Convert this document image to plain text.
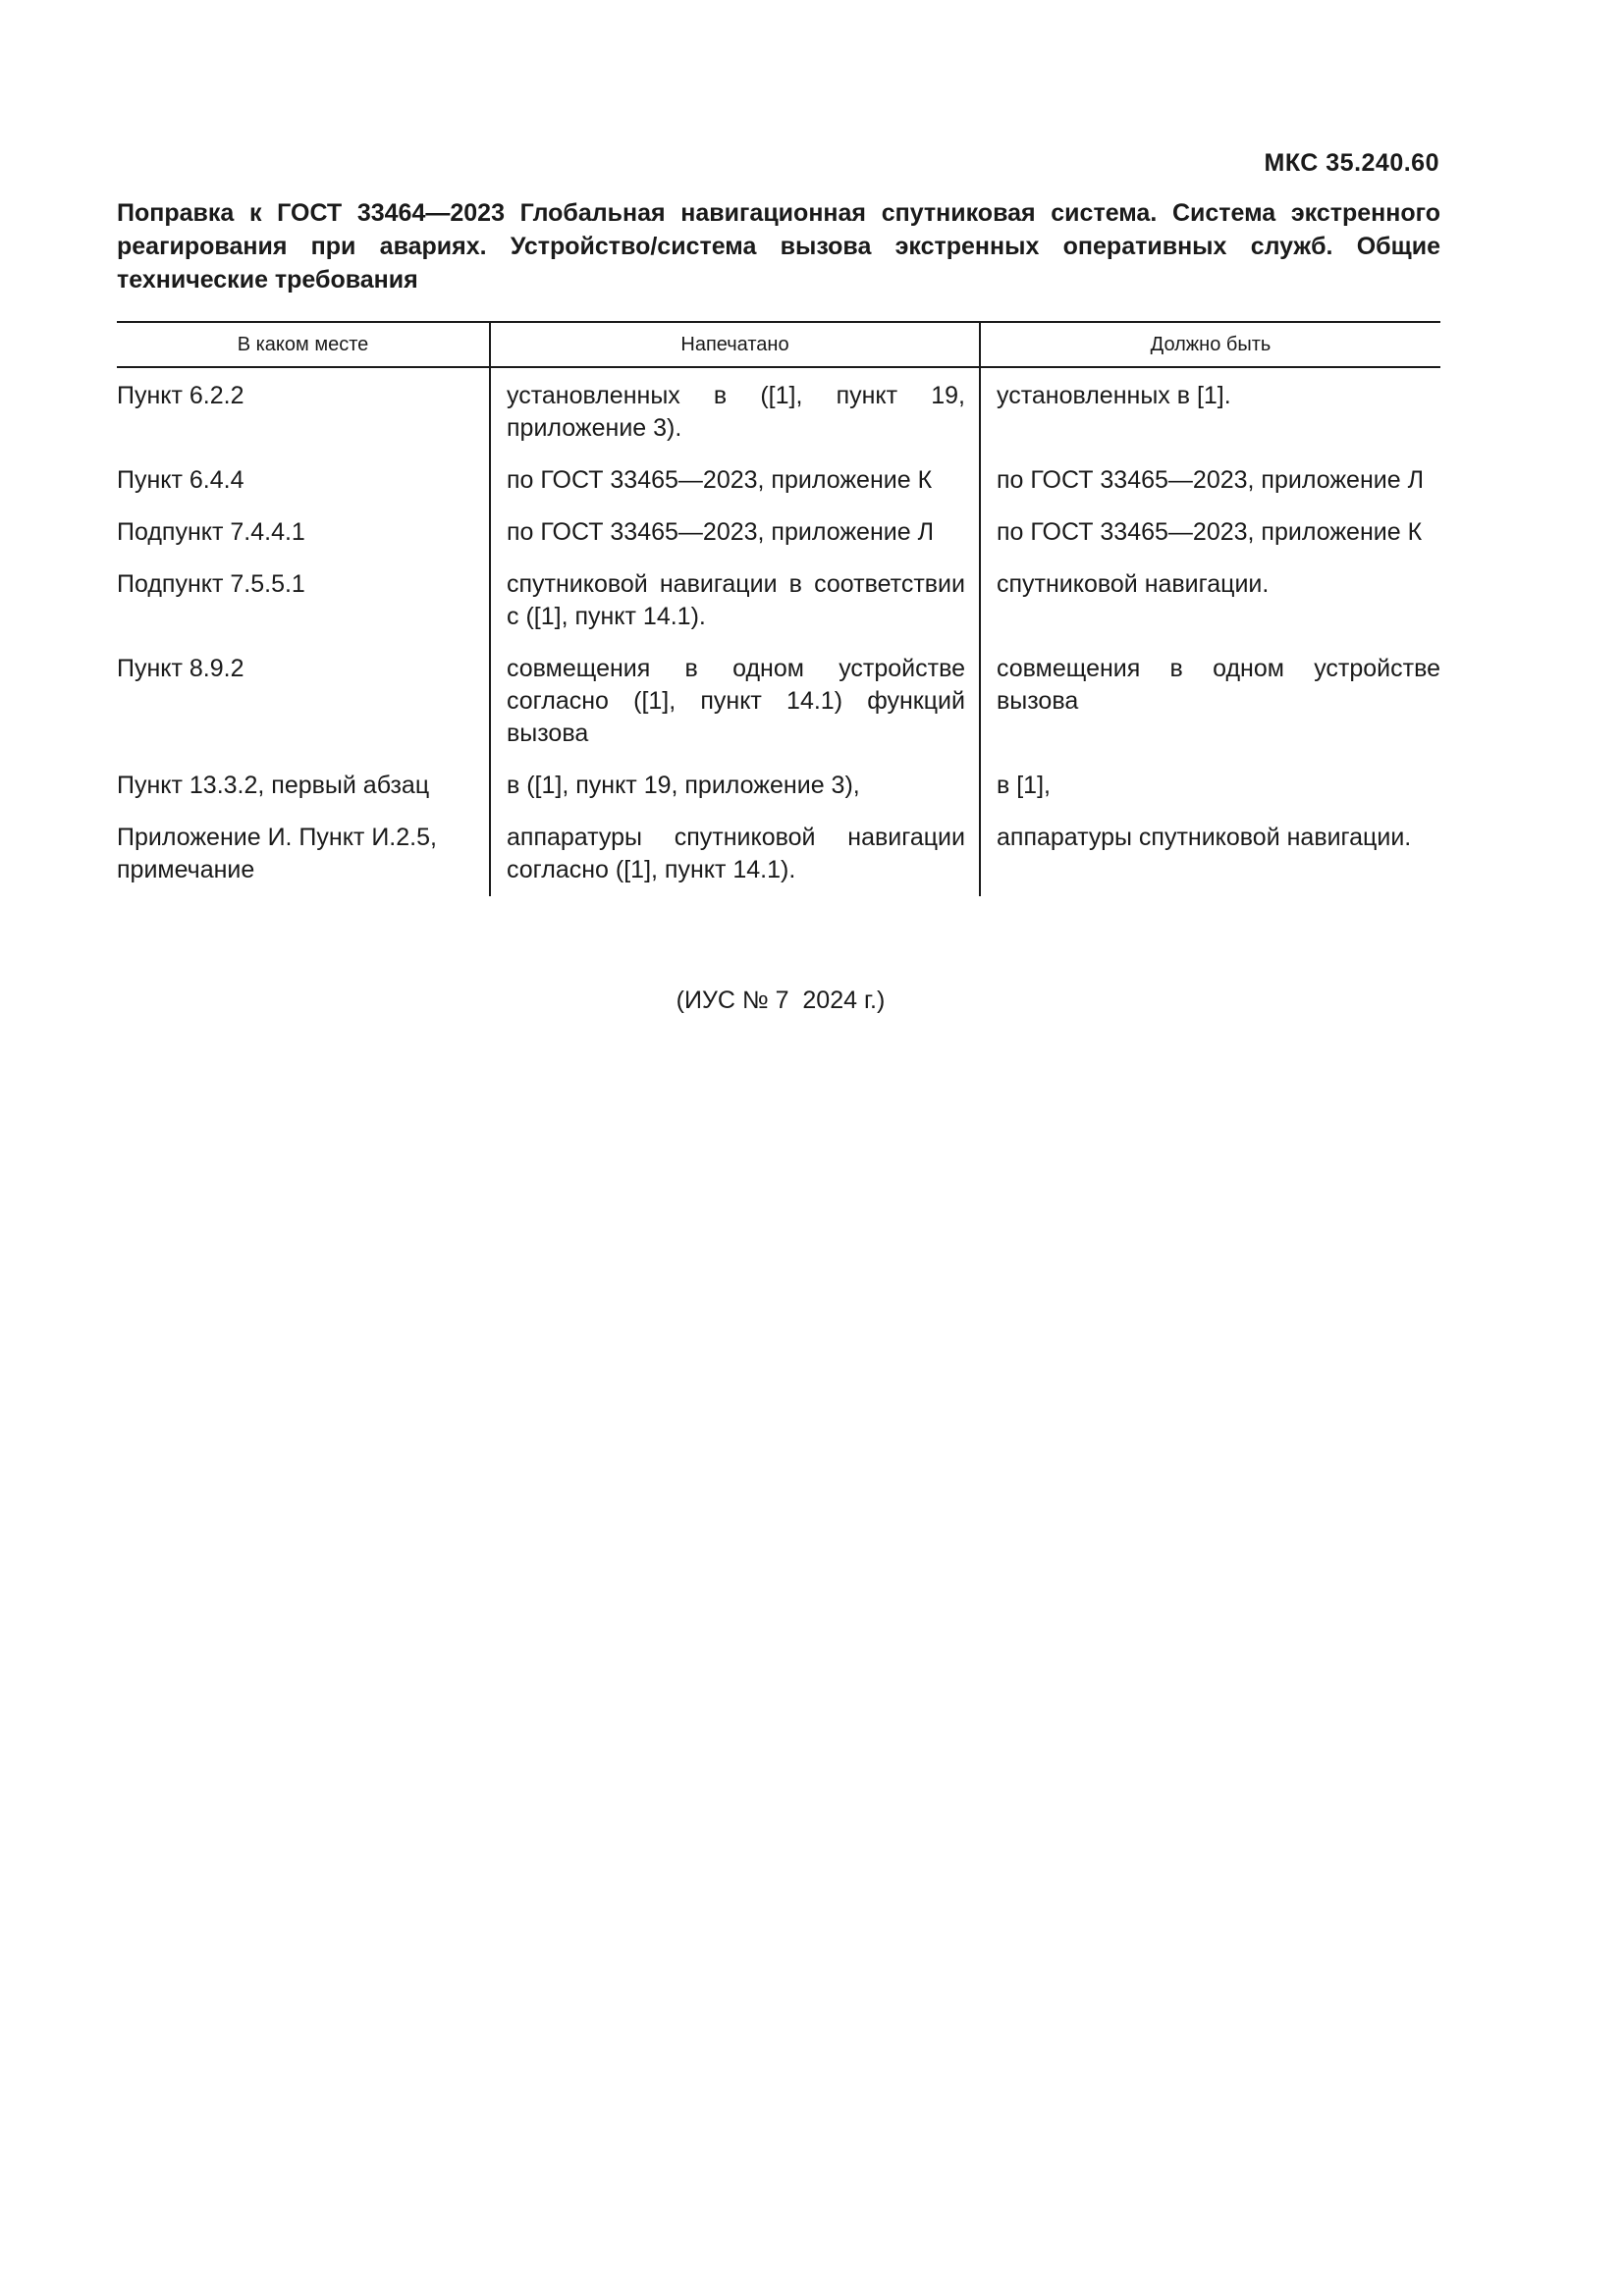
МКС 35.240.60
Поправка к ГОСТ 33464—2023 Глобальная навигационная спутниковая система. Система экстренного реагирования при авариях. Устройство/система вызова экстренных оперативных служб. Общие технические требования
В каком месте	Напечатано	Должно быть
Пункт 6.2.2	установленных в ([1], пункт 19, приложение 3).	установленных в [1].
Пункт 6.4.4	по ГОСТ 33465—2023, приложение К	по ГОСТ 33465—2023, приложение Л
Подпункт 7.4.4.1	по ГОСТ 33465—2023, приложение Л	по ГОСТ 33465—2023, приложение К
Подпункт 7.5.5.1	спутниковой навигации в соответствии с ([1], пункт 14.1).	спутниковой навигации.
Пункт 8.9.2	совмещения в одном устройстве согласно ([1], пункт 14.1) функций вызова	совмещения в одном устройстве вызова
Пункт 13.3.2, первый абзац	в ([1], пункт 19, приложение 3),	в [1],
Приложение И. Пункт И.2.5, примечание	аппаратуры спутниковой навигации согласно ([1], пункт 14.1).	аппаратуры спутниковой навигации.
(ИУС № 7  2024 г.)
